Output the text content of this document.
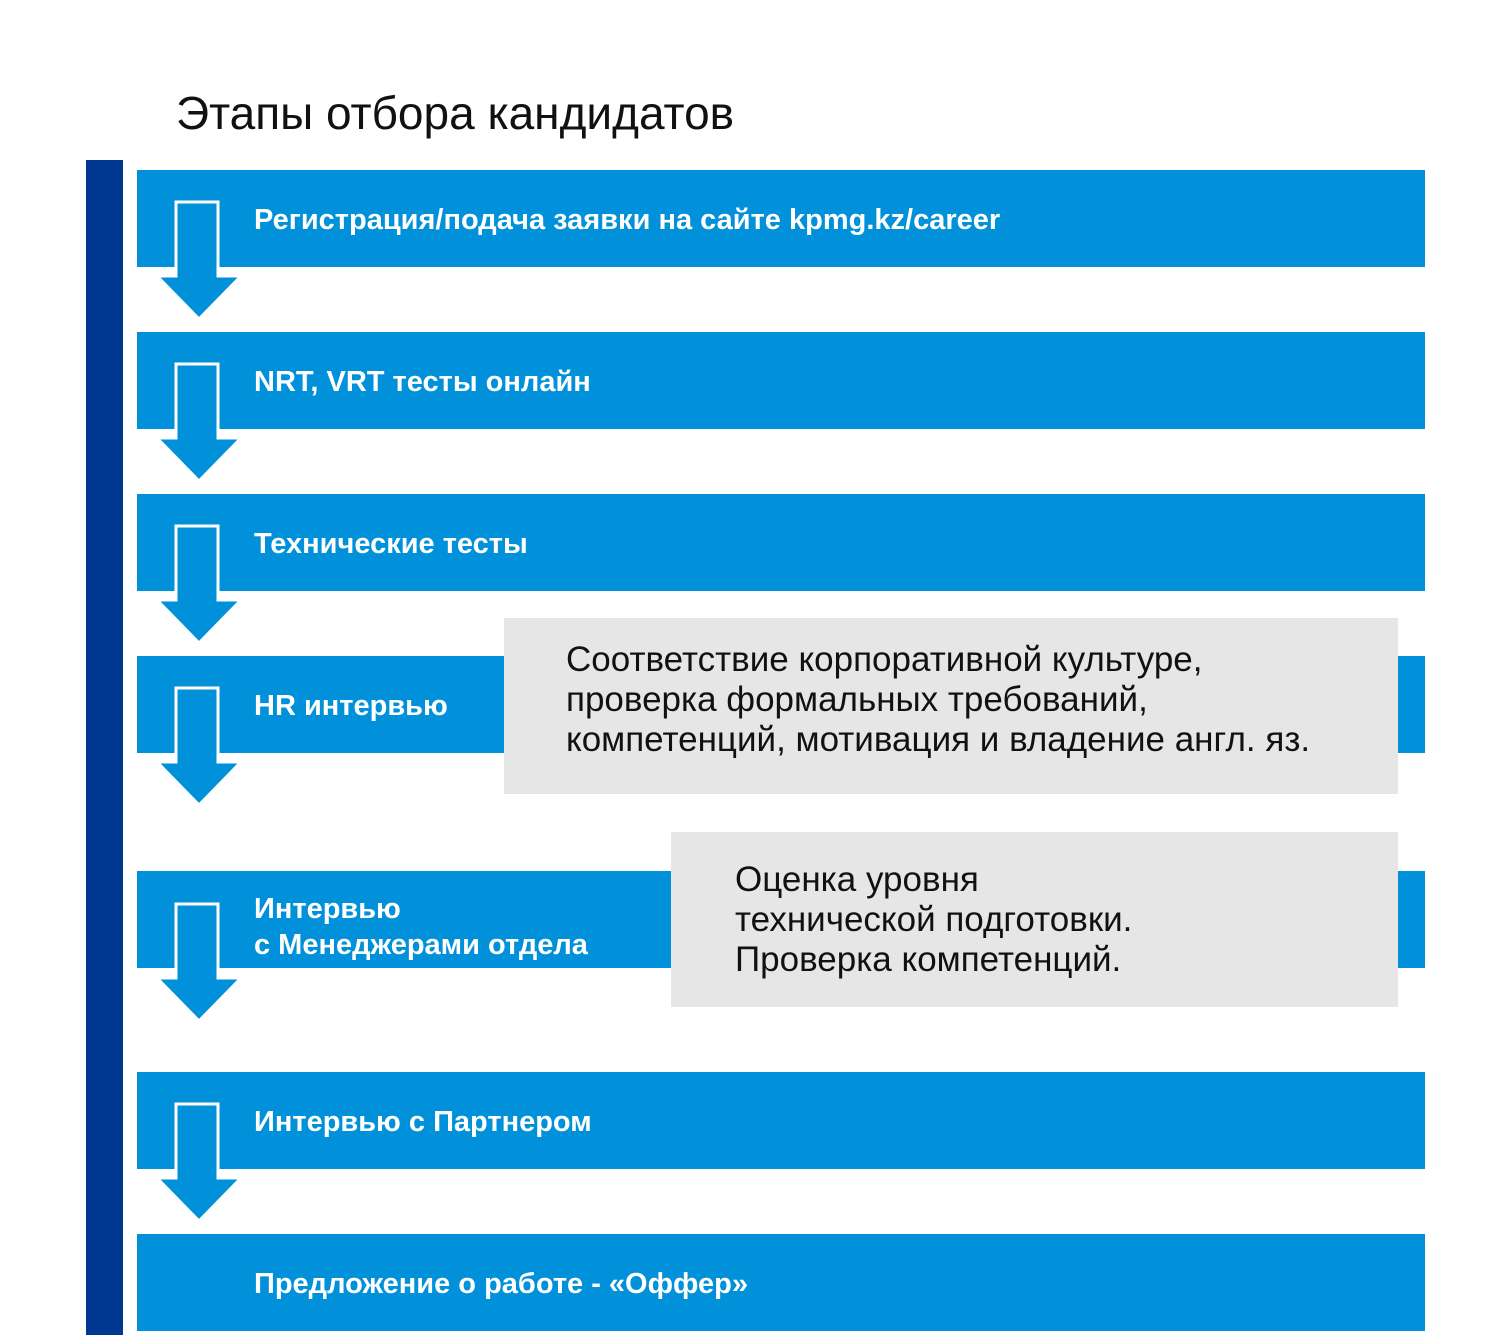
Этапы отбора кандидатов
Регистрация/подача заявки на сайте kpmg.kz/career
NRT, VRT тесты онлайн
Технические тесты
HR интервью
Интервью
с Менеджерами отдела
Интервью с Партнером
Предложение о работе - «Оффер»
Соответствие корпоративной культуре,
проверка формальных требований,
компетенций, мотивация и владение англ. яз.
Оценка уровня
технической подготовки.
Проверка компетенций.
